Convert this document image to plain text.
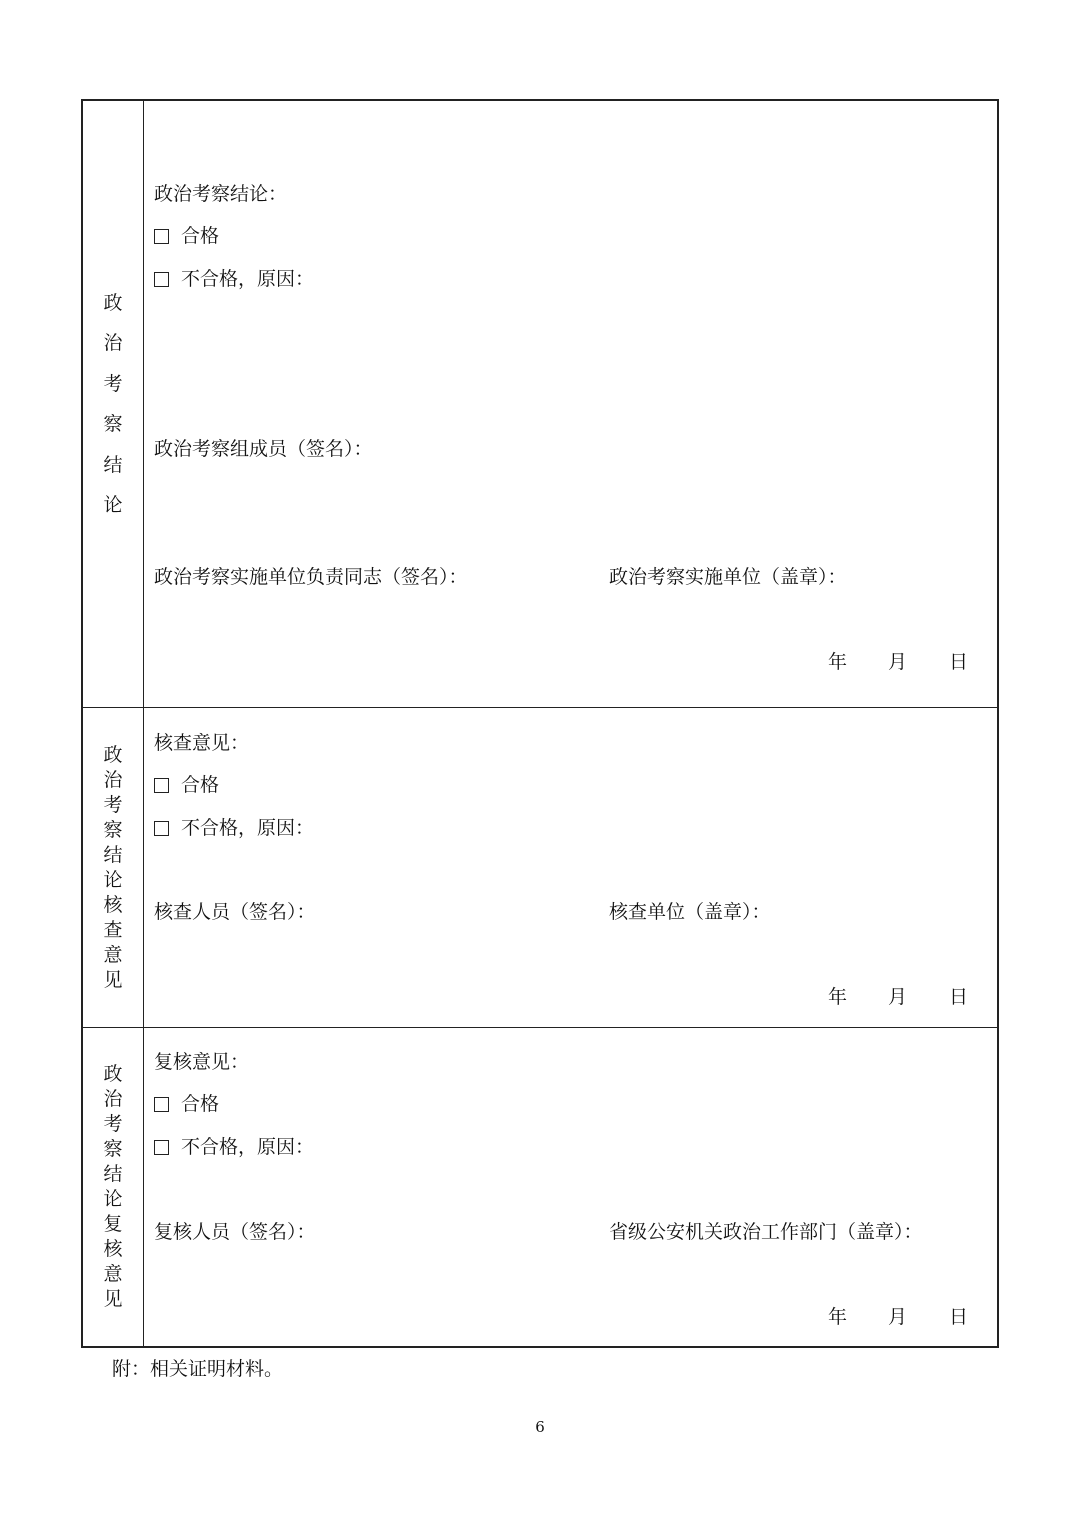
政
治
考
察
结
论
政治考察结论：
合格
不合格，原因：
政治考察组成员（签名）：
政治考察实施单位负责同志（签名）：	政治考察实施单位（盖章）：
年 月 日
政
治
考
察
结
论
核
查
意
见
核查意见：
合格
不合格，原因：
核查人员（签名）：	核查单位（盖章）：
年 月 日
政
治
考
察
结
论
复
核
意
见
复核意见：
合格
不合格，原因：
复核人员（签名）：	省级公安机关政治工作部门（盖章）：
年 月 日
附：相关证明材料。
6
